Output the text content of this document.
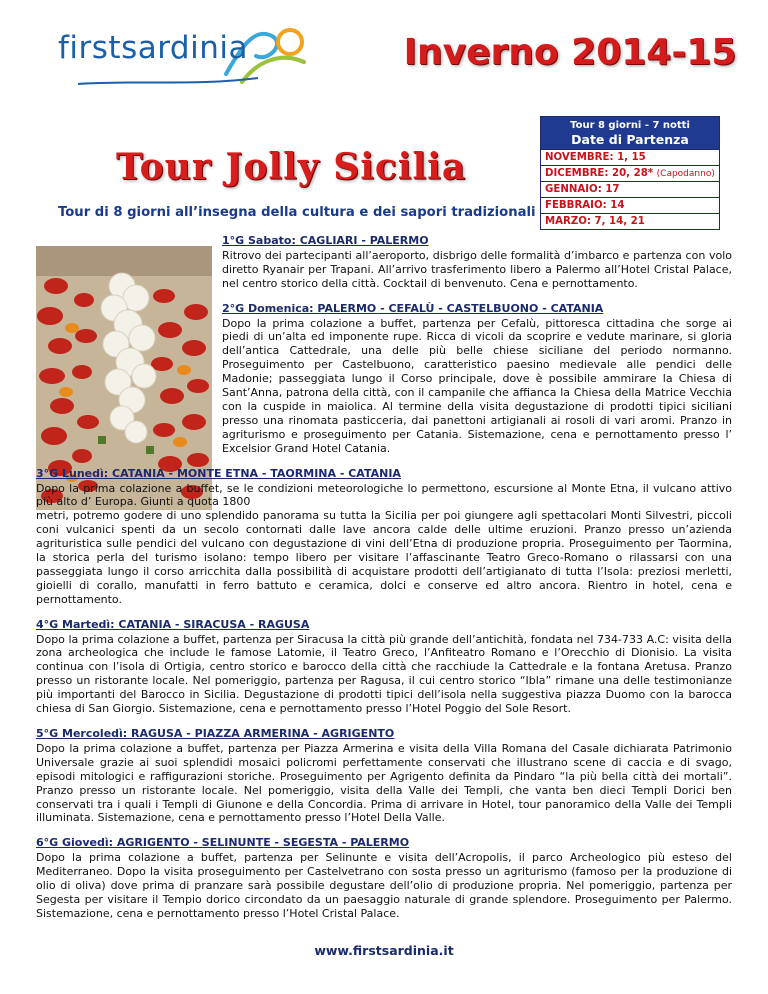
firstsardinia	Inverno 2014-15
Tour Jolly Sicilia
Tour di 8 giorni all’insegna della cultura e dei sapori tradizionali
Tour 8 giorni - 7 notti
Date di Partenza
NOVEMBRE: 1, 15
DICEMBRE: 20, 28* (Capodanno)
GENNAIO: 17
FEBBRAIO: 14
MARZO: 7, 14, 21
1°G Sabato: CAGLIARI - PALERMO

Ritrovo dei partecipanti all’aeroporto, disbrigo delle formalità d’imbarco e partenza con volo diretto Ryanair per Trapani. All’arrivo trasferimento libero a Palermo all’Hotel Cristal Palace, nel centro storico della città. Cocktail di benvenuto. Cena e pernottamento.

2°G Domenica: PALERMO - CEFALÙ - CASTELBUONO - CATANIA

Dopo la prima colazione a buffet, partenza per Cefalù, pittoresca cittadina che sorge ai piedi di un’alta ed imponente rupe. Ricca di vicoli da scoprire e vedute marinare, si gloria dell’antica Cattedrale, una delle più belle chiese siciliane del periodo normanno. Proseguimento per Castelbuono, caratteristico paesino medievale alle pendici delle Madonie; passeggiata lungo il Corso principale, dove è possibile ammirare la Chiesa di Sant’Anna, patrona della città, con il campanile che affianca la Chiesa della Matrice Vecchia con la cuspide in maiolica. Al termine della visita degustazione di prodotti tipici siciliani presso una rinomata pasticceria, dai panettoni artigianali ai rosoli di vari aromi. Pranzo in agriturismo e proseguimento per Catania. Sistemazione, cena e pernottamento presso l’ Excelsior Grand Hotel Catania.

3°G Lunedì: CATANIA - MONTE ETNA - TAORMINA - CATANIA

Dopo la prima colazione a buffet, se le condizioni meteorologiche lo permettono, escursione al Monte Etna, il vulcano attivo più alto d’ Europa. Giunti a quota 1800

metri, potremo godere di uno splendido panorama su tutta la Sicilia per poi giungere agli spettacolari Monti Silvestri, piccoli coni vulcanici spenti da un secolo contornati dalle lave ancora calde delle ultime eruzioni. Pranzo presso un’azienda agrituristica sulle pendici del vulcano con degustazione di vini dell’Etna di produzione propria. Proseguimento per Taormina, la storica perla del turismo isolano: tempo libero per visitare l’affascinante Teatro Greco-Romano o rilassarsi con una passeggiata lungo il corso arricchita dalla possibilità di acquistare prodotti dell’artigianato di tutta l’Isola: preziosi merletti, gioielli di corallo, manufatti in ferro battuto e ceramica, dolci e conserve ed altro ancora. Rientro in hotel, cena e pernottamento.

4°G Martedì: CATANIA - SIRACUSA - RAGUSA

Dopo la prima colazione a buffet, partenza per Siracusa la città più grande dell’antichità, fondata nel 734-733 A.C: visita della zona archeologica che include le famose Latomie, il Teatro Greco, l’Anfiteatro Romano e l’Orecchio di Dionisio. La visita continua con l’isola di Ortigia, centro storico e barocco della città che racchiude la Cattedrale e la fontana Aretusa. Pranzo presso un ristorante locale. Nel pomeriggio, partenza per Ragusa, il cui centro storico “Ibla” rimane una delle testimonianze più importanti del Barocco in Sicilia. Degustazione di prodotti tipici dell’isola nella suggestiva piazza Duomo con la barocca chiesa di San Giorgio. Sistemazione, cena e pernottamento presso l’Hotel Poggio del Sole Resort.

5°G Mercoledì: RAGUSA - PIAZZA ARMERINA - AGRIGENTO

Dopo la prima colazione a buffet, partenza per Piazza Armerina e visita della Villa Romana del Casale dichiarata Patrimonio Universale grazie ai suoi splendidi mosaici policromi perfettamente conservati che illustrano scene di caccia e di svago, episodi mitologici e raffigurazioni storiche. Proseguimento per Agrigento definita da Pindaro “la più bella città dei mortali”. Pranzo presso un ristorante locale. Nel pomeriggio, visita della Valle dei Templi, che vanta ben dieci Templi Dorici ben conservati tra i quali i Templi di Giunone e della Concordia. Prima di arrivare in Hotel, tour panoramico della Valle dei Templi illuminata. Sistemazione, cena e pernottamento presso l’Hotel Della Valle.

6°G Giovedì: AGRIGENTO - SELINUNTE - SEGESTA - PALERMO

Dopo la prima colazione a buffet, partenza per Selinunte e visita dell’Acropolis, il parco Archeologico più esteso del Mediterraneo. Dopo la visita proseguimento per Castelvetrano con sosta presso un agriturismo (famoso per la produzione di olio di oliva) dove prima di pranzare sarà possibile degustare dell’olio di produzione propria. Nel pomeriggio, partenza per Segesta per visitare il Tempio dorico circondato da un paesaggio naturale di grande splendore. Proseguimento per Palermo. Sistemazione, cena e pernottamento presso l’Hotel Cristal Palace.

www.firstsardinia.it
